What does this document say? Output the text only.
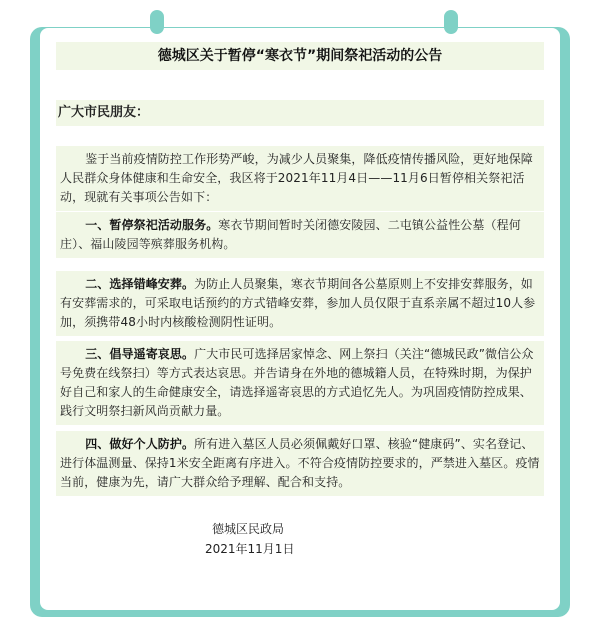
德城区关于暂停“寒衣节”期间祭祀活动的公告
广大市民朋友：
鉴于当前疫情防控工作形势严峻，为减少人员聚集，降低疫情传播风险，更好地保障人民群众身体健康和生命安全，我区将于2021年11月4日——11月6日暂停相关祭祀活动，现就有关事项公告如下：
一、暂停祭祀活动服务。寒衣节期间暂时关闭德安陵园、二屯镇公益性公墓（程何庄）、福山陵园等殡葬服务机构。
二、选择错峰安葬。为防止人员聚集，寒衣节期间各公墓原则上不安排安葬服务，如有安葬需求的，可采取电话预约的方式错峰安葬，参加人员仅限于直系亲属不超过10人参加，须携带48小时内核酸检测阴性证明。
三、倡导遥寄哀思。广大市民可选择居家悼念、网上祭扫（关注“德城民政”微信公众号免费在线祭扫）等方式表达哀思。并告请身在外地的德城籍人员，在特殊时期，为保护好自己和家人的生命健康安全，请选择遥寄哀思的方式追忆先人。为巩固疫情防控成果、践行文明祭扫新风尚贡献力量。
四、做好个人防护。所有进入墓区人员必须佩戴好口罩、核验“健康码”、实名登记、进行体温测量、保持1米安全距离有序进入。不符合疫情防控要求的，严禁进入墓区。疫情当前，健康为先，请广大群众给予理解、配合和支持。
德城区民政局
2021年11月1日
